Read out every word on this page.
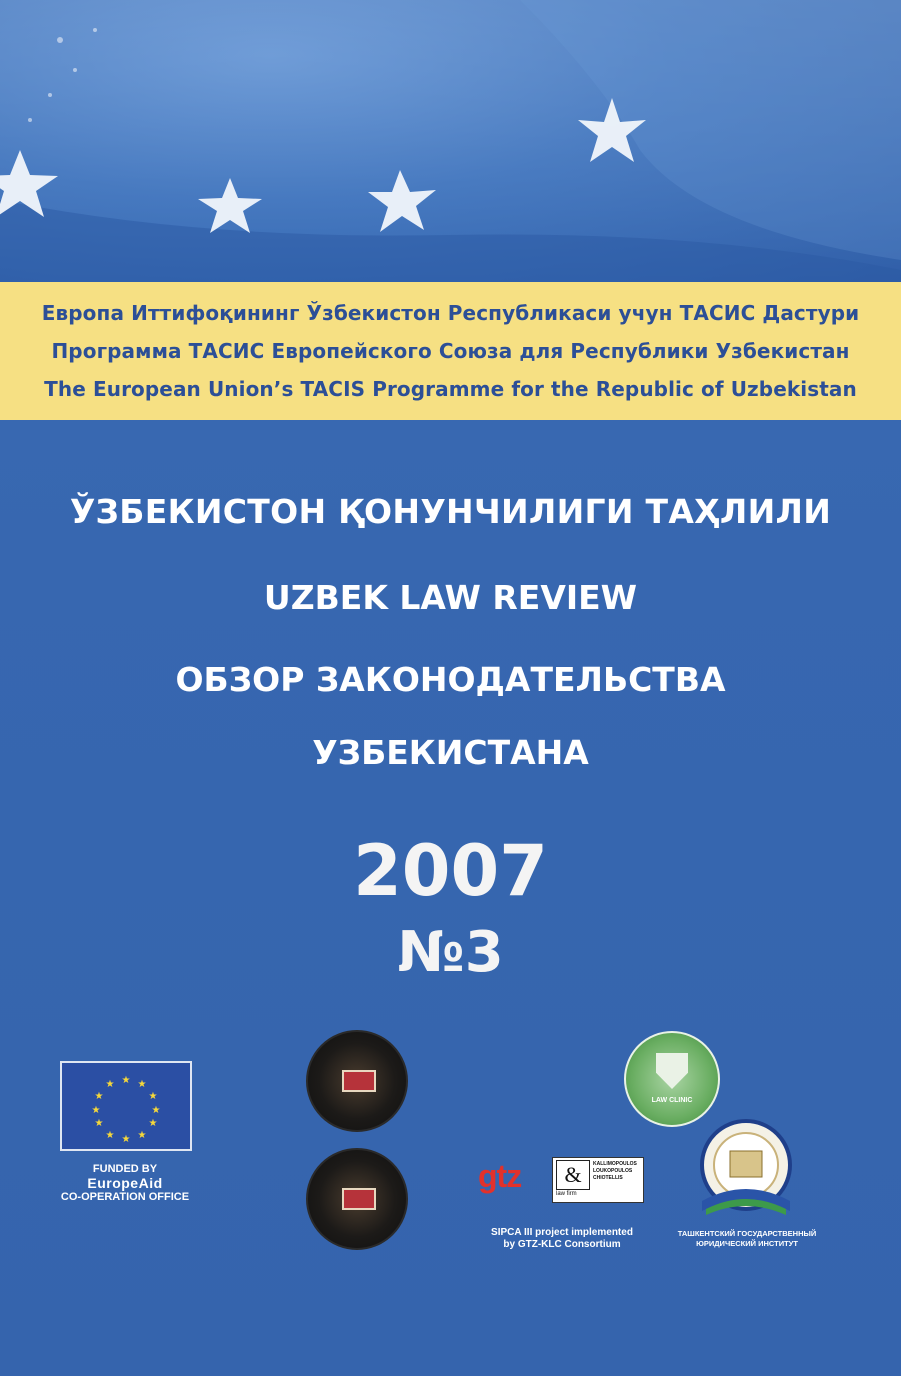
Европа Иттифоқининг Ўзбекистон Республикаси учун ТАСИС Дастури
Программа ТАСИС Европейского Союза для Республики Узбекистан
The European Union’s TACIS Programme for the Republic of Uzbekistan
ЎЗБЕКИСТОН ҚОНУНЧИЛИГИ ТАҲЛИЛИ
UZBEK LAW REVIEW
ОБЗОР ЗАКОНОДАТЕЛЬСТВА
УЗБЕКИСТАНА
2007
№3
★ ★
★
★
★
★
★
★
★
★
★
★
FUNDED BY
EuropeAid
CO-OPERATION OFFICE
LAW CLINIC
gtz	&	KALLIMOPOULOS
LOUKOPOULOS
CHIOTELLIS
law firm
SIPCA III project implemented
by GTZ-KLC Consortium
ТАШКЕНТСКИЙ ГОСУДАРСТВЕННЫЙ
ЮРИДИЧЕСКИЙ ИНСТИТУТ
